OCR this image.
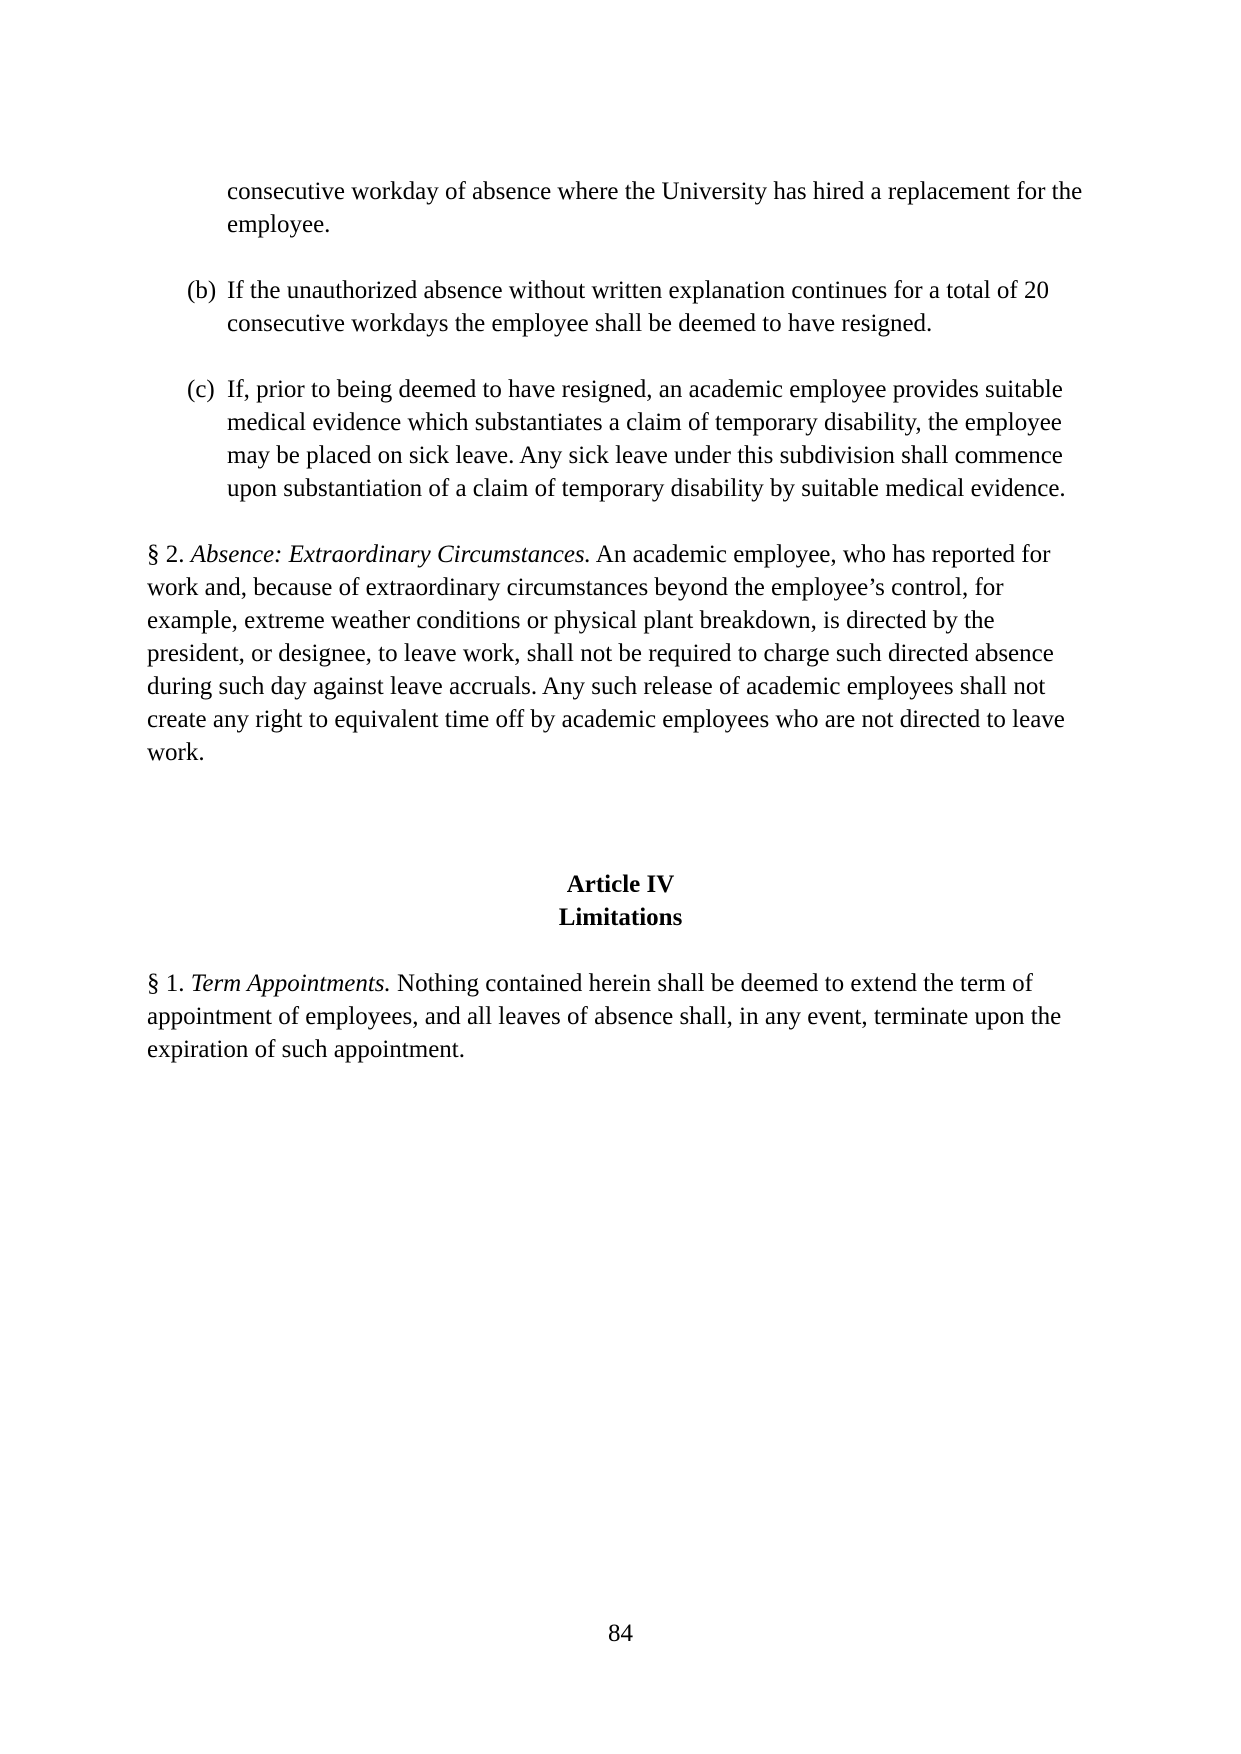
consecutive workday of absence where the University has hired a replacement for the employee.

(b) If the unauthorized absence without written explanation continues for a total of 20 consecutive workdays the employee shall be deemed to have resigned.
(c) If, prior to being deemed to have resigned, an academic employee provides suitable medical evidence which substantiates a claim of temporary disability, the employee may be placed on sick leave. Any sick leave under this subdivision shall commence upon substantiation of a claim of temporary disability by suitable medical evidence.

§ 2. Absence: Extraordinary Circumstances. An academic employee, who has reported for work and, because of extraordinary circumstances beyond the employee’s control, for example, extreme weather conditions or physical plant breakdown, is directed by the president, or designee, to leave work, shall not be required to charge such directed absence during such day against leave accruals. Any such release of academic employees shall not create any right to equivalent time off by academic employees who are not directed to leave work.

Article IV
Limitations

§ 1. Term Appointments. Nothing contained herein shall be deemed to extend the term of appointment of employees, and all leaves of absence shall, in any event, terminate upon the expiration of such appointment.

84
